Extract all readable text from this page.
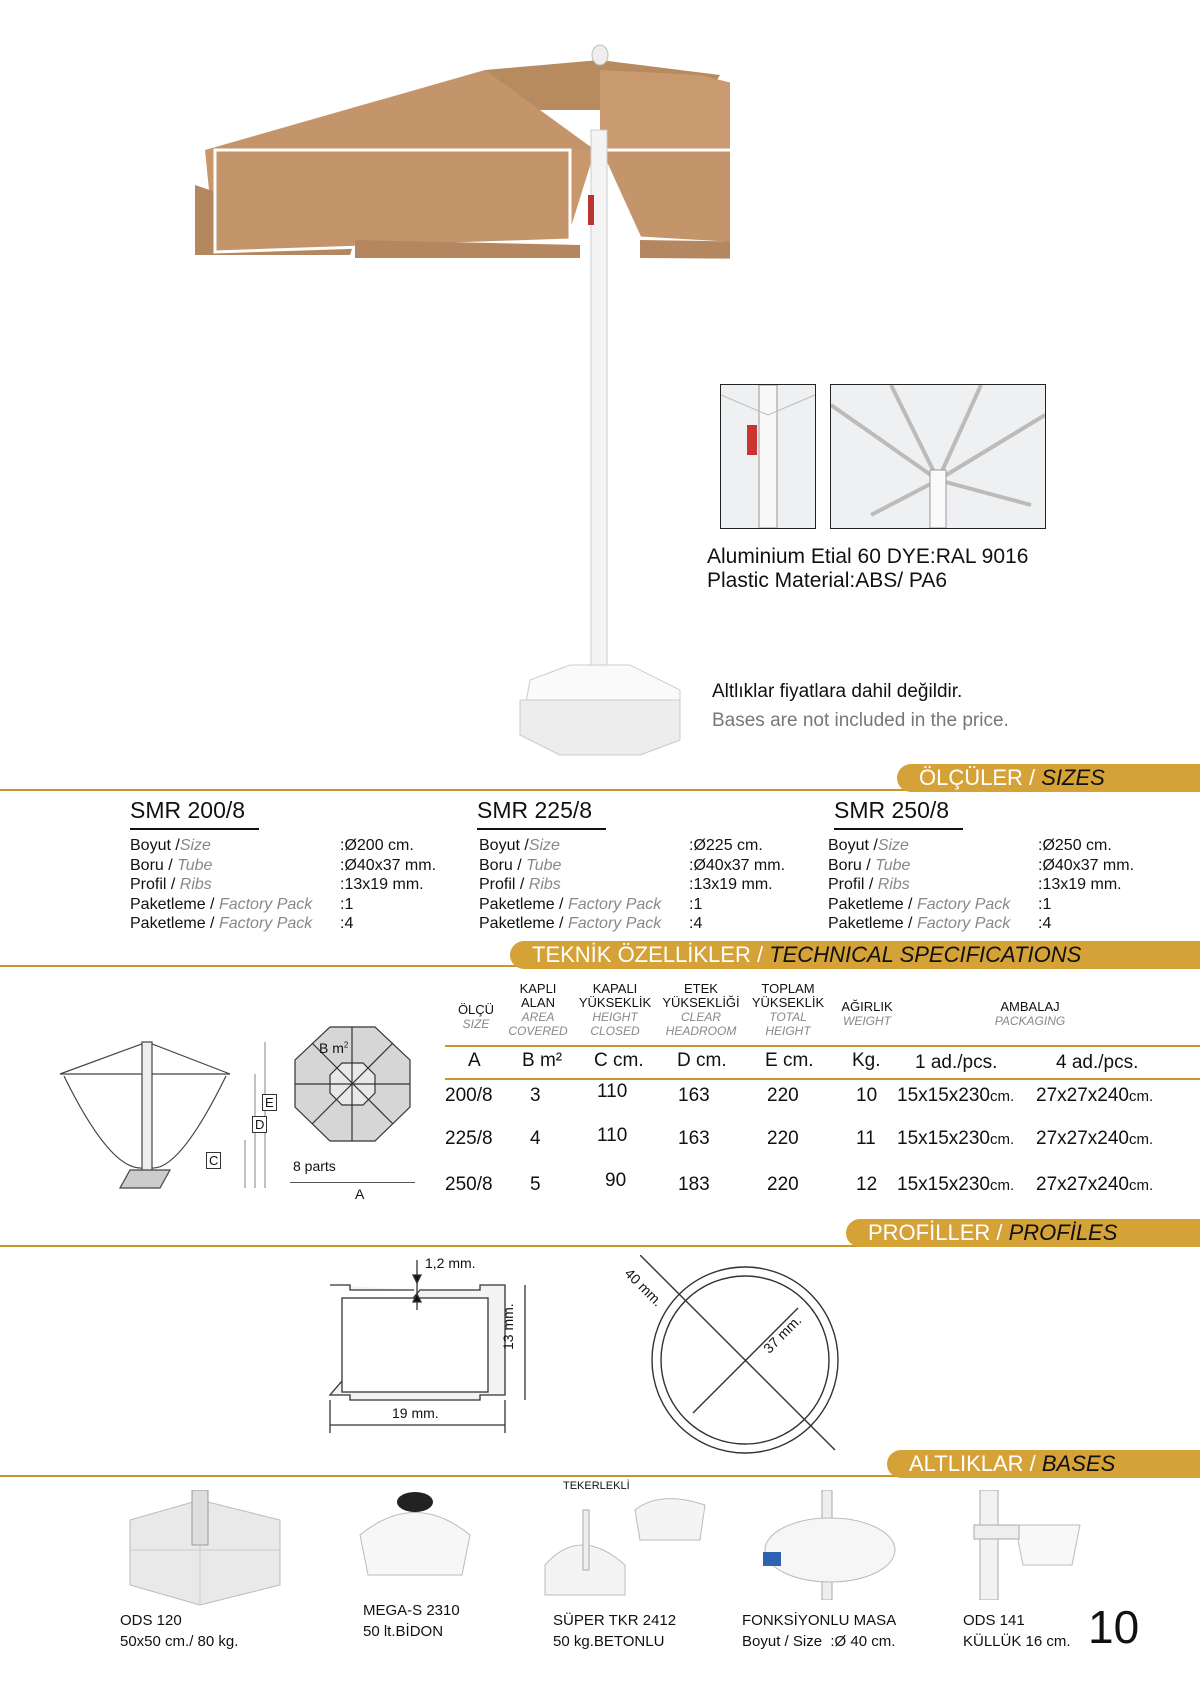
Aluminium Etial 60 DYE:RAL 9016
Plastic Material:ABS/ PA6
Altlıklar fiyatlara dahil değildir.
Bases are not included in the price.
ÖLÇÜLER / SIZES
SMR 200/8	SMR 225/8	SMR 250/8
Boyut /Size	:Ø200 cm.
Boru / Tube	:Ø40x37 mm.
Profil / Ribs	:13x19 mm.
Paketleme / Factory Pack	:1
Paketleme / Factory Pack	:4
Boyut /Size	:Ø225 cm.
Boru / Tube	:Ø40x37 mm.
Profil / Ribs	:13x19 mm.
Paketleme / Factory Pack	:1
Paketleme / Factory Pack	:4
Boyut /Size	:Ø250 cm.
Boru / Tube	:Ø40x37 mm.
Profil / Ribs	:13x19 mm.
Paketleme / Factory Pack	:1
Paketleme / Factory Pack	:4
TEKNİK ÖZELLİKLER / TECHNICAL SPECIFICATIONS
E
D
C
B $m^2$
8 parts
A
ÖLÇÜ
SIZE
KAPLI ALAN
AREA COVERED
KAPALI YÜKSEKLİK
HEIGHT CLOSED
ETEK YÜKSEKLİĞİ
CLEAR HEADROOM
TOPLAM YÜKSEKLİK
TOTAL HEIGHT
AĞIRLIK
WEIGHT
AMBALAJ
PACKAGING
A B m² C cm. D cm. E cm. Kg. 1 ad./pcs.	4 ad./pcs.
200/8 3	110	163	220	10 15x15x230cm. 27x27x240cm.
225/8 4	110	163	220	11 15x15x230cm. 27x27x240cm.
250/8 5	90	183	220	12 15x15x230cm. 27x27x240cm.
PROFİLLER / PROFİLES
1,2 mm.
13 mm.
19 mm.
40 mm.
37 mm.
ALTLIKLAR / BASES
TEKERLEKLİ
ODS 120
50x50 cm./ 80 kg.
MEGA-S 2310
50 lt.BİDON
SÜPER TKR 2412
50 kg.BETONLU
FONKSİYONLU MASA
Boyut / Size  :Ø 40 cm.
ODS 141
KÜLLÜK 16 cm. 10
